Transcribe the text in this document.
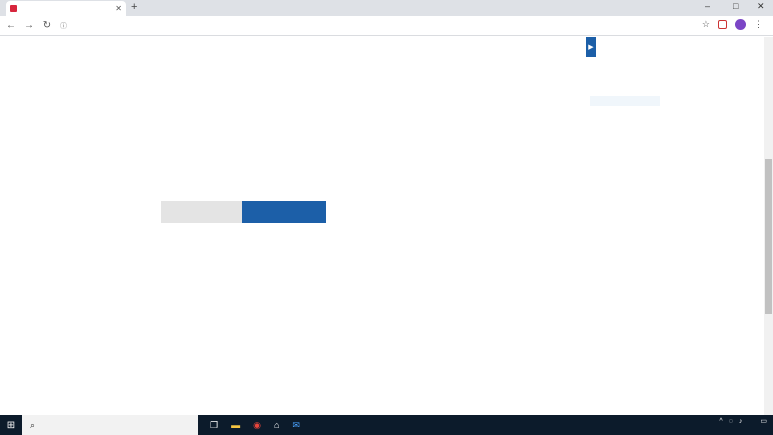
✕ +	–	□ ✕
← → ↻	ⓘ	☆	⋮
▶
⊞	⌕	❐ ▬ ◉ ⌂ ✉	^ ◌ ♪	▭
